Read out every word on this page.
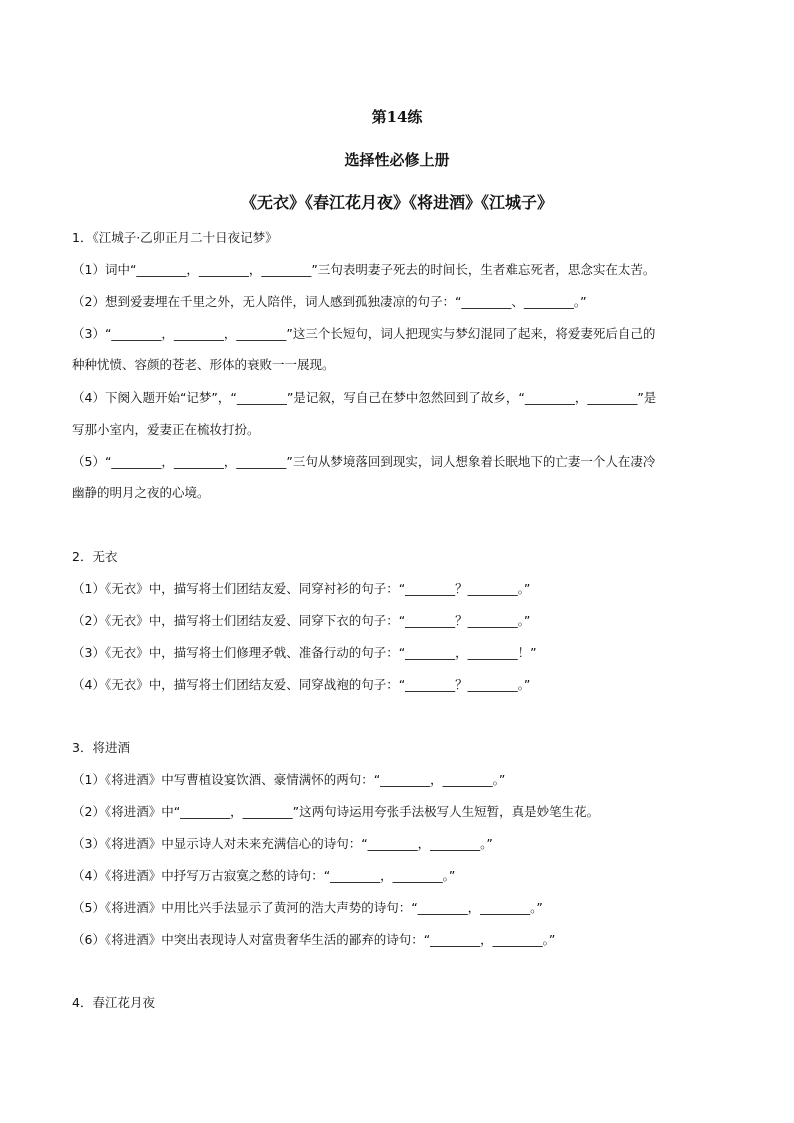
第14练
选择性必修上册
《无衣》《春江花月夜》《将进酒》《江城子》
1．《江城子·乙卯正月二十日夜记梦》
（1）词中“________，________，________”三句表明妻子死去的时间长，生者难忘死者，思念实在太苦。
（2）想到爱妻埋在千里之外，无人陪伴，词人感到孤独凄凉的句子：“________、________。”
（3）“________，________，________”这三个长短句，词人把现实与梦幻混同了起来，将爱妻死后自己的
种种忧愤、容颜的苍老、形体的衰败一一展现。
（4）下阕入题开始“记梦”，“________”是记叙，写自己在梦中忽然回到了故乡，“________，________”是
写那小室内，爱妻正在梳妆打扮。
（5）“________，________，________”三句从梦境落回到现实，词人想象着长眠地下的亡妻一个人在凄冷
幽静的明月之夜的心境。
2．无衣
（1）《无衣》中，描写将士们团结友爱、同穿衬衫的句子：“________？________。”
（2）《无衣》中，描写将士们团结友爱、同穿下衣的句子：“________？________。”
（3）《无衣》中，描写将士们修理矛戟、准备行动的句子：“________，________！”
（4）《无衣》中，描写将士们团结友爱、同穿战袍的句子：“________？________。”
3．将进酒
（1）《将进酒》中写曹植设宴饮酒、豪情满怀的两句：“________，________。”
（2）《将进酒》中“________，________”这两句诗运用夸张手法极写人生短暂，真是妙笔生花。
（3）《将进酒》中显示诗人对未来充满信心的诗句：“________，________。”
（4）《将进酒》中抒写万古寂寞之愁的诗句：“________，________。”
（5）《将进酒》中用比兴手法显示了黄河的浩大声势的诗句：“________，________。”
（6）《将进酒》中突出表现诗人对富贵奢华生活的鄙弃的诗句：“________，________。”
4．春江花月夜
